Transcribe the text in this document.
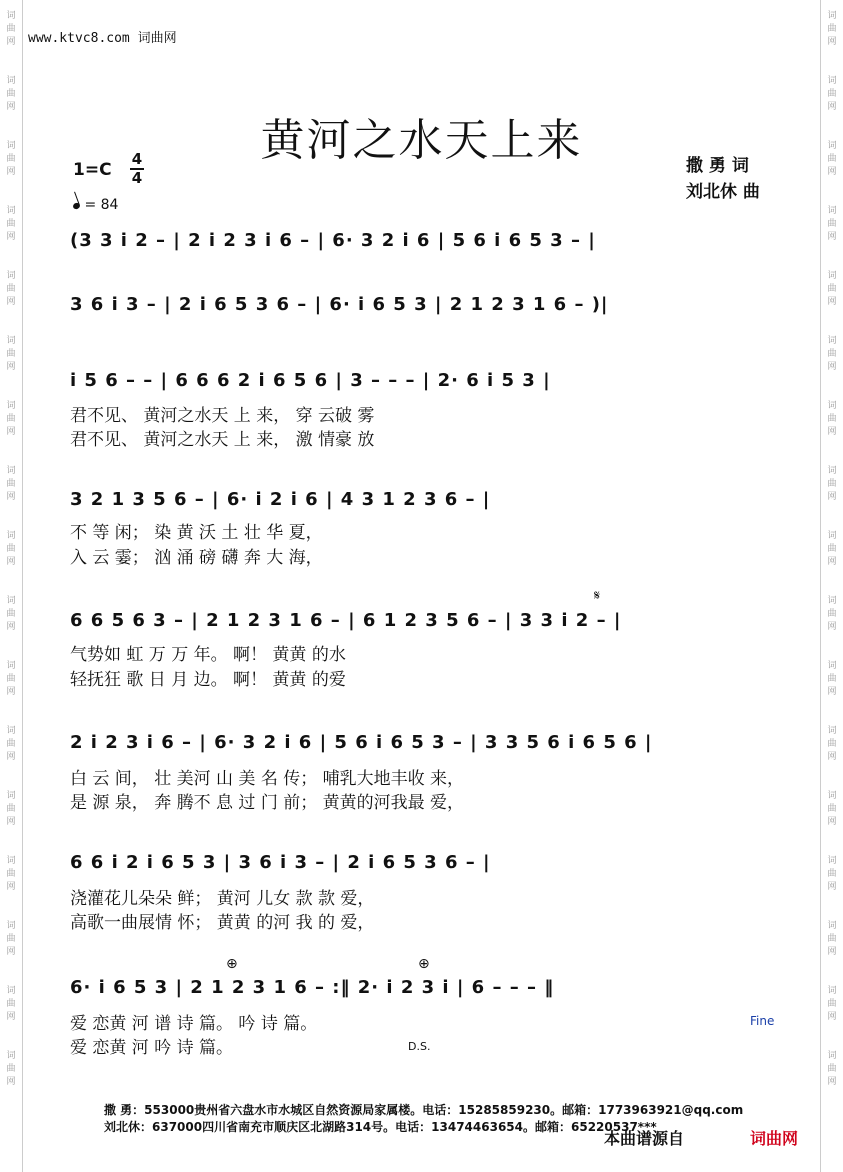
词
曲
网

词
曲
网

词
曲
网

词
曲
网

词
曲
网

词
曲
网

词
曲
网

词
曲
网

词
曲
网

词
曲
网

词
曲
网

词
曲
网

词
曲
网

词
曲
网

词
曲
网

词
曲
网

词
曲
网
词
曲
网

词
曲
网

词
曲
网

词
曲
网

词
曲
网

词
曲
网

词
曲
网

词
曲
网

词
曲
网

词
曲
网

词
曲
网

词
曲
网

词
曲
网

词
曲
网

词
曲
网

词
曲
网

词
曲
网
www.ktvc8.com 词曲网
黄河之水天上来
1=C
4
4
= 84
撒 勇 词
刘北休 曲
(3 3 i 2 – | 2 i 2 3 i 6 – | 6· 3 2 i 6 | 5 6 i 6 5 3 – |
3 6 i 3 – | 2 i 6 5 3 6 – | 6· i 6 5 3 | 2 1 2 3 1 6 – )|
i 5 6 – – | 6 6 6 2 i 6 5 6 | 3 – – – | 2· 6 i 5 3 |
君不见、 黄河之水天 上 来， 穿 云破 雾
君不见、 黄河之水天 上 来， 激 情豪 放
3 2 1 3 5 6 – | 6· i 2 i 6 | 4 3 1 2 3 6 – |
不 等 闲； 染 黄 沃 土 壮 华 夏，
入 云 霎； 汹 涌 磅 礴 奔 大 海，
𝄋
6 6 5 6 3 – | 2 1 2 3 1 6 – | 6 1 2 3 5 6 – | 3 3 i 2 – |
气势如 虹 万 万 年。 啊！ 黄黄 的水
轻抚狂 歌 日 月 边。 啊！ 黄黄 的爱
2 i 2 3 i 6 – | 6· 3 2 i 6 | 5 6 i 6 5 3 – | 3 3 5 6 i 6 5 6 |
白 云 间， 壮 美河 山 美 名 传； 哺乳大地丰收 来，
是 源 泉， 奔 腾不 息 过 门 前； 黄黄的河我最 爱，
6 6 i 2 i 6 5 3 | 3 6 i 3 – | 2 i 6 5 3 6 – |
浇灌花儿朵朵 鲜； 黄河 儿女 款 款 爱，
高歌一曲展情 怀； 黄黄 的河 我 的 爱，
⊕	⊕
6· i 6 5 3 | 2 1 2 3 1 6 – :‖ 2· i 2 3 i | 6 – – – ‖
爱 恋黄 河 谱 诗 篇。 吟 诗 篇。
爱 恋黄 河 吟 诗 篇。
Fine
D.S.
撒 勇：553000贵州省六盘水市水城区自然资源局家属楼。电话：15285859230。邮箱：1773963921@qq.com
刘北休：637000四川省南充市顺庆区北湖路314号。电话：13474463654。邮箱：65220537***
本曲谱源自	词曲网
